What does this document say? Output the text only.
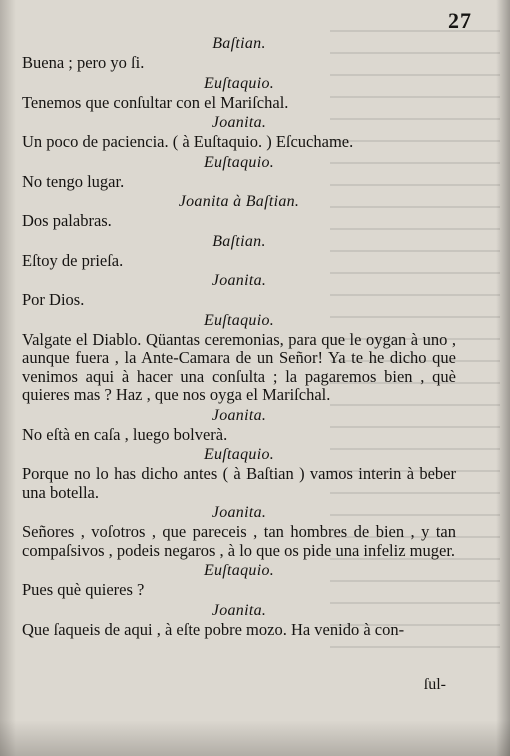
27
Baſtian.
Buena ; pero yo ſi.
Euſtaquio.
Tenemos que conſultar con el Mariſchal.
Joanita.
Un poco de paciencia. ( à Euſtaquio. ) Eſcuchame.
Euſtaquio.
No tengo lugar.
Joanita à Baſtian.
Dos palabras.
Baſtian.
Eſtoy de prieſa.
Joanita.
Por Dios.
Euſtaquio.
Valgate el Diablo. Qüantas ceremonias, para que le oygan à uno , aunque fuera , la Ante-Camara de un Señor! Ya te he dicho que venimos aqui à hacer una conſulta ; la pagaremos bien , què quieres mas ? Haz , que nos oyga el Mariſchal.
Joanita.
No eſtà en caſa , luego bolverà.
Euſtaquio.
Porque no lo has dicho antes ( à Baſtian ) vamos interin à beber una botella.
Joanita.
Señores , voſotros , que pareceis , tan hombres de bien , y tan compaſsivos , podeis negaros , à lo que os pide una infeliz muger.
Euſtaquio.
Pues què quieres ?
Joanita.
Que ſaqueis de aqui , à eſte pobre mozo. Ha venido à con-
ſul-
